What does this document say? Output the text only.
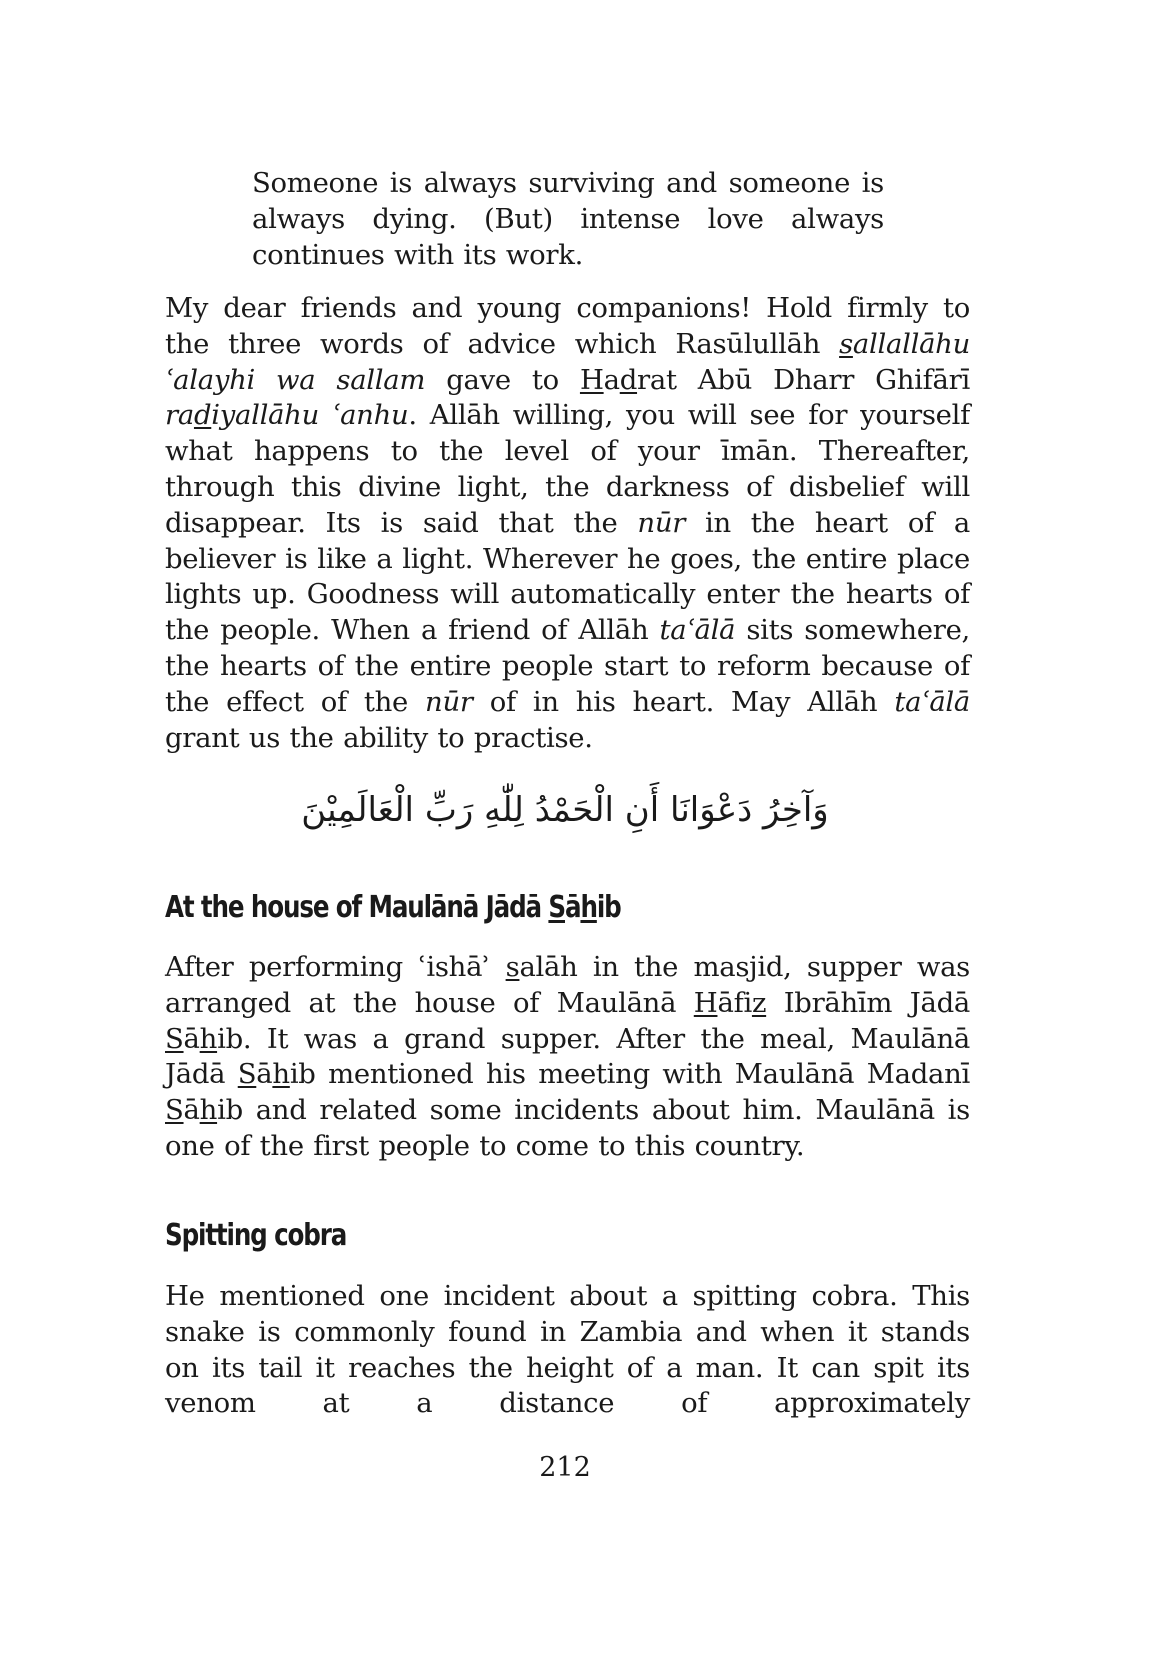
Someone is always surviving and someone is always dying. (But) intense love always continues with its work.

My dear friends and young companions! Hold firmly to the three words of advice which Rasūlullāh sallallāhu ʿalayhi wa sallam gave to Hadrat Abū Dharr Ghifārī radiyallāhu ʿanhu. Allāh willing, you will see for yourself what happens to the level of your īmān. Thereafter, through this divine light, the darkness of disbelief will disappear. Its is said that the nūr in the heart of a believer is like a light. Wherever he goes, the entire place lights up. Goodness will automatically enter the hearts of the people. When a friend of Allāh taʿālā sits somewhere, the hearts of the entire people start to reform because of the effect of the nūr of in his heart. May Allāh taʿālā grant us the ability to practise.

وَآخِرُ دَعْوَانَا أَنِ الْحَمْدُ لِلّٰهِ رَبِّ الْعَالَمِيْنَ
At the house of Maulānā Jādā Sāhib

After performing ʿishāʾ salāh in the masjid, supper was arranged at the house of Maulānā Hāfiz Ibrāhīm Jādā Sāhib. It was a grand supper. After the meal, Maulānā Jādā Sāhib mentioned his meeting with Maulānā Madanī Sāhib and related some incidents about him. Maulānā is one of the first people to come to this country.

Spitting cobra

He mentioned one incident about a spitting cobra. This snake is commonly found in Zambia and when it stands on its tail it reaches the height of a man. It can spit its venom at a distance of approximately

212
